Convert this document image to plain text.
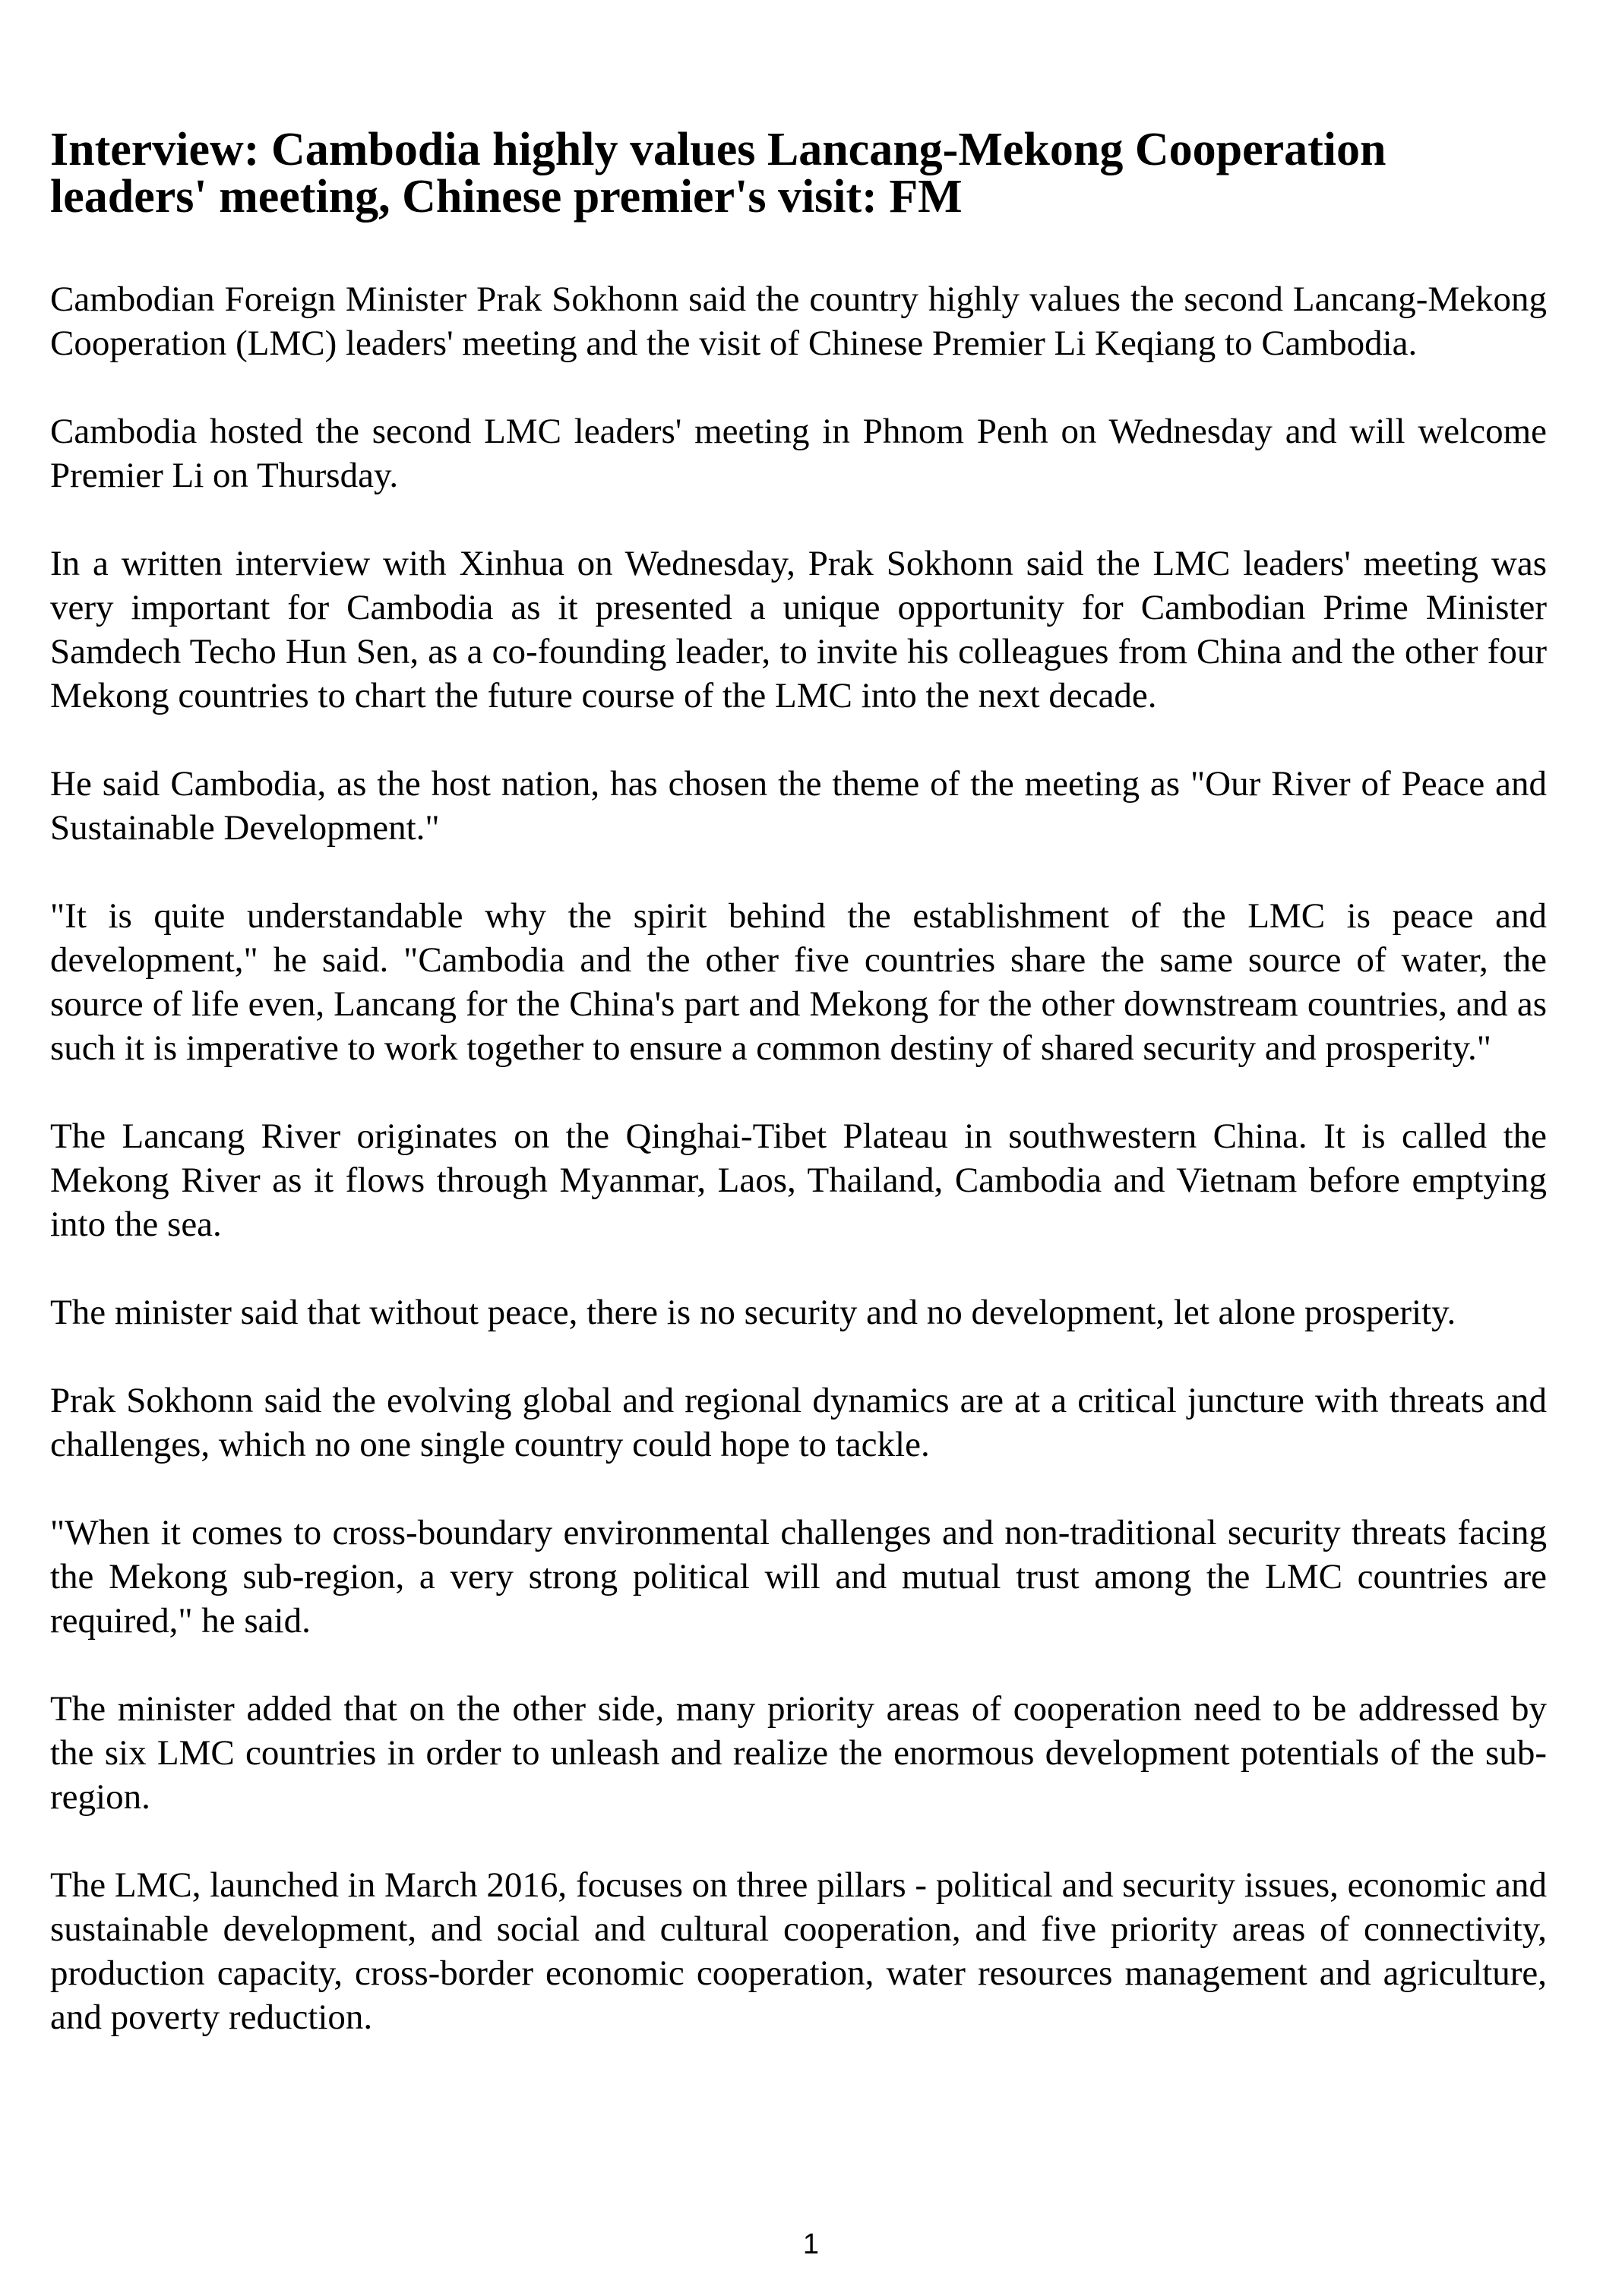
Interview: Cambodia highly values Lancang-Mekong Cooperation leaders' meeting, Chinese premier's visit: FM

Cambodian Foreign Minister Prak Sokhonn said the country highly values the second Lancang-Mekong Cooperation (LMC) leaders' meeting and the visit of Chinese Premier Li Keqiang to Cambodia.

Cambodia hosted the second LMC leaders' meeting in Phnom Penh on Wednesday and will welcome Premier Li on Thursday.

In a written interview with Xinhua on Wednesday, Prak Sokhonn said the LMC leaders' meeting was very important for Cambodia as it presented a unique opportunity for Cambodian Prime Minister Samdech Techo Hun Sen, as a co-founding leader, to invite his colleagues from China and the other four Mekong countries to chart the future course of the LMC into the next decade.

He said Cambodia, as the host nation, has chosen the theme of the meeting as "Our River of Peace and Sustainable Development."

"It is quite understandable why the spirit behind the establishment of the LMC is peace and development," he said. "Cambodia and the other five countries share the same source of water, the source of life even, Lancang for the China's part and Mekong for the other downstream countries, and as such it is imperative to work together to ensure a common destiny of shared security and prosperity."

The Lancang River originates on the Qinghai-Tibet Plateau in southwestern China. It is called the Mekong River as it flows through Myanmar, Laos, Thailand, Cambodia and Vietnam before emptying into the sea.

The minister said that without peace, there is no security and no development, let alone prosperity.

Prak Sokhonn said the evolving global and regional dynamics are at a critical juncture with threats and challenges, which no one single country could hope to tackle.

"When it comes to cross-boundary environmental challenges and non-traditional security threats facing the Mekong sub-region, a very strong political will and mutual trust among the LMC countries are required," he said.

The minister added that on the other side, many priority areas of cooperation need to be addressed by the six LMC countries in order to unleash and realize the enormous development potentials of the sub-region.

The LMC, launched in March 2016, focuses on three pillars - political and security issues, economic and sustainable development, and social and cultural cooperation, and five priority areas of connectivity, production capacity, cross-border economic cooperation, water resources management and agriculture, and poverty reduction.

1
